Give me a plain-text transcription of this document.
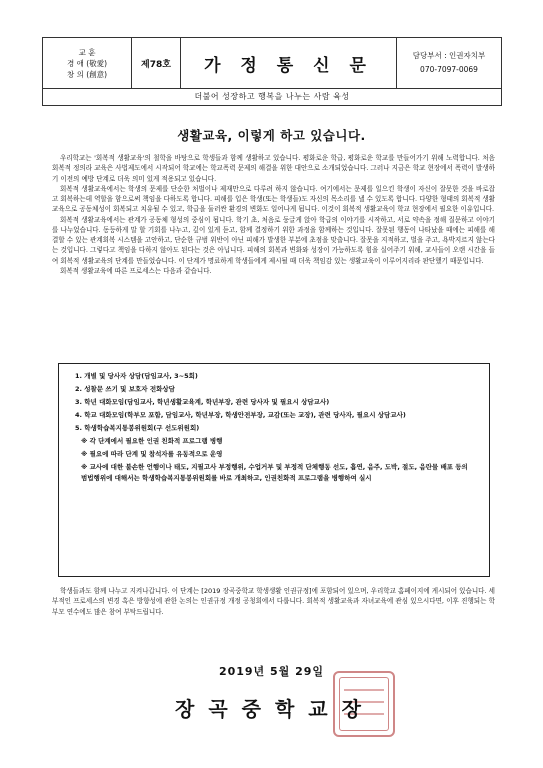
교 훈
경 애 (敬愛)
창 의 (創意)
	제78호	가 정 통 신 문	담당부서 : 인권자치부
070-7097-0069
더불어 성장하고 행복을 나누는 사람 육성
생활교육, 이렇게 하고 있습니다.

우리학교는 '회복적 생활교육'의 철학을 바탕으로 학생들과 함께 생활하고 있습니다. 평화로운 학급, 평화로운 학교를 만들어가기 위해 노력합니다. 처음 회복적 정의라 교육은 사법제도에서 시작되어 학교에는 학교폭력 문제의 해결을 위한 대안으로 소개되었습니다. 그러나 지금은 학교 현장에서 폭력이 발생하기 이전의 예방 단계로 더욱 의미 있게 적용되고 있습니다.

회복적 생활교육에서는 학생의 문제를 단순한 처벌이나 제재만으로 다루려 하지 않습니다. 여기에서는 문제를 일으킨 학생이 자신이 잘못한 것을 바로잡고 회복하는데 역할을 함으로써 책임을 다하도록 합니다. 피해를 입은 학생(또는 학생들)도 자신의 목소리를 낼 수 있도록 합니다. 다양한 형태의 회복적 생활교육으로 공동체성이 회복되고 치유될 수 있고, 학급을 둘러싼 환경의 변화도 일어나게 됩니다. 이것이 회복적 생활교육이 학교 현장에서 필요한 이유입니다.

회복적 생활교육에서는 관계가 공동체 형성의 중심이 됩니다. 학기 초, 처음로 둥글게 앉아 학급의 이야기를 시작하고, 서로 약속을 정해 질문하고 이야기를 나누었습니다. 동등하게 말 할 기회를 나누고, 깊이 있게 듣고, 함께 결정하기 위한 과정을 함께하는 것입니다. 잘못된 행동이 나타났을 때에는 피해를 해결할 수 있는 관계회복 시스템을 고안하고, 단순한 규범 위반이 아닌 피해가 발생한 부분에 초점을 맞춥니다. 잘못을 지적하고, 벌을 주고, 욕박지르지 않는다는 것입니다. 그렇다고 책임을 다하지 않아도 된다는 것은 아닙니다. 피해의 회복과 변화와 성장이 가능하도록 힘을 실어주기 위해, 교사들이 오랜 시간을 들여 회복적 생활교육의 단계를 만들었습니다. 이 단계가 명료하게 학생들에게 제시될 때 더욱 책임감 있는 생활교육이 이루어지리라 판단했기 때문입니다.

회복적 생활교육에 따른 프로세스는 다음과 같습니다.

1. 개별 및 당사자 상담(담임교사, 3~5회)
2. 성찰문 쓰기 및 보호자 전화상담
3. 학년 대화모임(담임교사, 학년생활교육계, 학년부장, 관련 당사자 및 필요시 상담교사)
4. 학교 대화모임(학부모 포함, 담임교사, 학년부장, 학생안전부장, 교감(또는 교장), 관련 당사자, 필요시 상담교사)
5. 학생학습복지통봉위원회(구 선도위원회)
※ 각 단계에서 필요한 인권 친화적 프로그램 병행
※ 필요에 따라 단계 및 참석자를 유동적으로 운영
※ 교사에 대한 불손한 언행이나 태도, 지필고사 부정행위, 수업거부 및 부정적 단체행동 선도, 흡연, 음주, 도박, 절도, 음란물 배포 등의 범법행위에 대해서는 학생학습복지통봉위원회를 바로 개최하고, 인권친화적 프로그램을 병행하여 실시

학생들과도 함께 나누고 지켜나갑니다. 이 단계는 [2019 장곡중학교 학생생활 인권규정]에 포함되어 있으며, 우리학교 홈페이지에 게시되어 있습니다. 세부적인 프로세스의 변경 혹은 방향성에 관한 논의는 인권규정 개정 공청회에서 다룹니다. 회복적 생활교육과 자녀교육에 관심 있으시다면, 이후 진행되는 학부모 연수에도 많은 참여 부탁드립니다.

2019년 5월 29일
장곡중학교장
